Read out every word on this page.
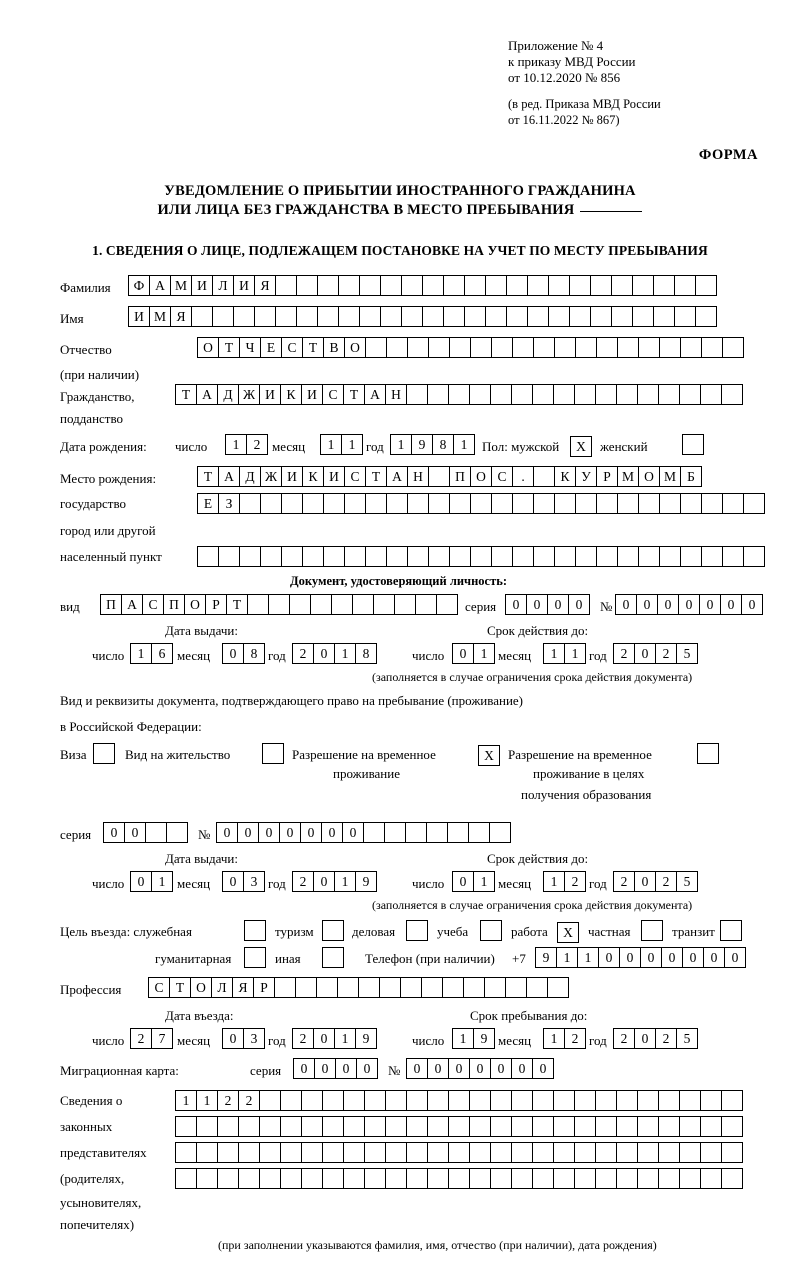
Приложение № 4
к приказу МВД России
от 10.12.2020 № 856
(в ред. Приказа МВД России
от 16.11.2022 № 867)
ФОРМА
УВЕДОМЛЕНИЕ О ПРИБЫТИИ ИНОСТРАННОГО ГРАЖДАНИНА
ИЛИ ЛИЦА БЕЗ ГРАЖДАНСТВА В МЕСТО ПРЕБЫВАНИЯ
1. СВЕДЕНИЯ О ЛИЦЕ, ПОДЛЕЖАЩЕМ ПОСТАНОВКЕ НА УЧЕТ ПО МЕСТУ ПРЕБЫВАНИЯ
Фамилия	Ф А М И Л И Я
Имя	И М Я
Отчество	О Т Ч Е С Т В О
(при наличии)
Гражданство,	Т А Д Ж И К И С Т А Н
подданство
Дата рождения: число	1	2 месяц	1	1 год	1	9	8	1	Пол: мужской	X	женский
Место рождения:	Т А Д Ж И К И С Т А Н	П О С	.	К У Р М О М Б
государство	Е З
город или другой
населенный пункт
Документ, удостоверяющий личность:
вид	П А С П О Р Т	серия	0	0	0	0	№ 0	0	0	0	0	0	0
Дата выдачи:	Срок действия до:
число 1	6 месяц	0	8 год	2	0	1	8	число	0	1 месяц	1	1 год	2	0	2	5
(заполняется в случае ограничения срока действия документа)
Вид и реквизиты документа, подтверждающего право на пребывание (проживание)
в Российской Федерации:
Виза	Вид на жительство	Разрешение на временное	X	Разрешение на временное
проживание	проживание в целях
получения образования
серия	0	0	№ 0	0	0	0	0	0	0
Дата выдачи:	Срок действия до:
число 0	1 месяц	0	3 год	2	0	1	9	число	0	1 месяц	1	2 год	2	0	2	5
(заполняется в случае ограничения срока действия документа)
Цель въезда: служебная	туризм	деловая	учеба	работа	X	частная	транзит
гуманитарная	иная	Телефон (при наличии) +7	9	1	1	0	0	0	0	0	0	0
Профессия	С Т О Л Я Р
Дата въезда:	Срок пребывания до:
число 2	7 месяц	0	3 год	2	0	1	9	число	1	9 месяц	1	2 год	2	0	2	5
Миграционная карта:	серия	0	0	0	0	№ 0	0	0	0	0	0	0
Сведения о	1	1	2	2
законных
представителях
(родителях,
усыновителях,
попечителях)
(при заполнении указываются фамилия, имя, отчество (при наличии), дата рождения)
